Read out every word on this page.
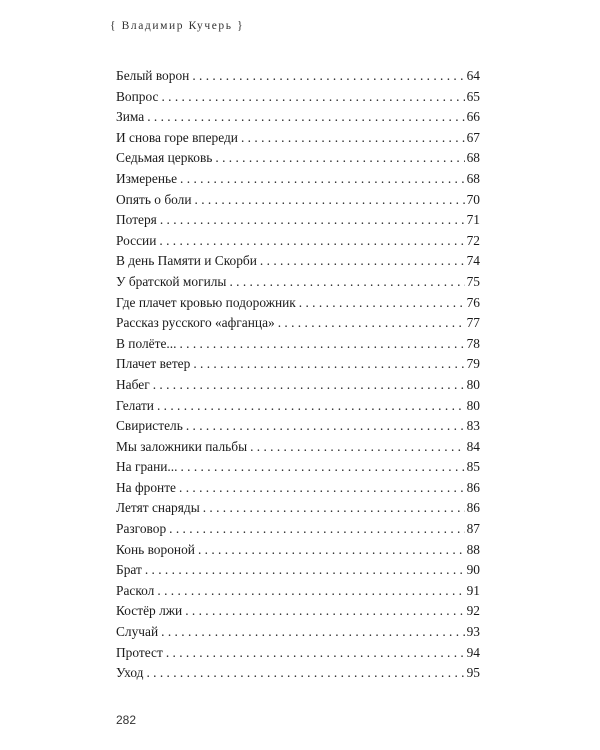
{ Владимир Кучерь }
Белый ворон . . .	64
Вопрос . . .	65
Зима . . .	66
И снова горе впереди . . .	67
Седьмая церковь . . .	68
Измеренье . . .	68
Опять о боли . . .	70
Потеря . . .	71
России . . .	72
В день Памяти и Скорби . . .	74
У братской могилы . . .	75
Где плачет кровью подорожник . . .	76
Рассказ русского «афганца» . . .	77
В полёте... . . .	78
Плачет ветер . . .	79
Набег . . .	80
Гелати . . .	80
Свиристель . . .	83
Мы заложники пальбы . . .	84
На грани... . . .	85
На фронте . . .	86
Летят снаряды . . .	86
Разговор . . .	87
Конь вороной . . .	88
Брат . . .	90
Раскол . . .	91
Костёр лжи . . .	92
Случай . . .	93
Протест . . .	94
Уход . . .	95
282
